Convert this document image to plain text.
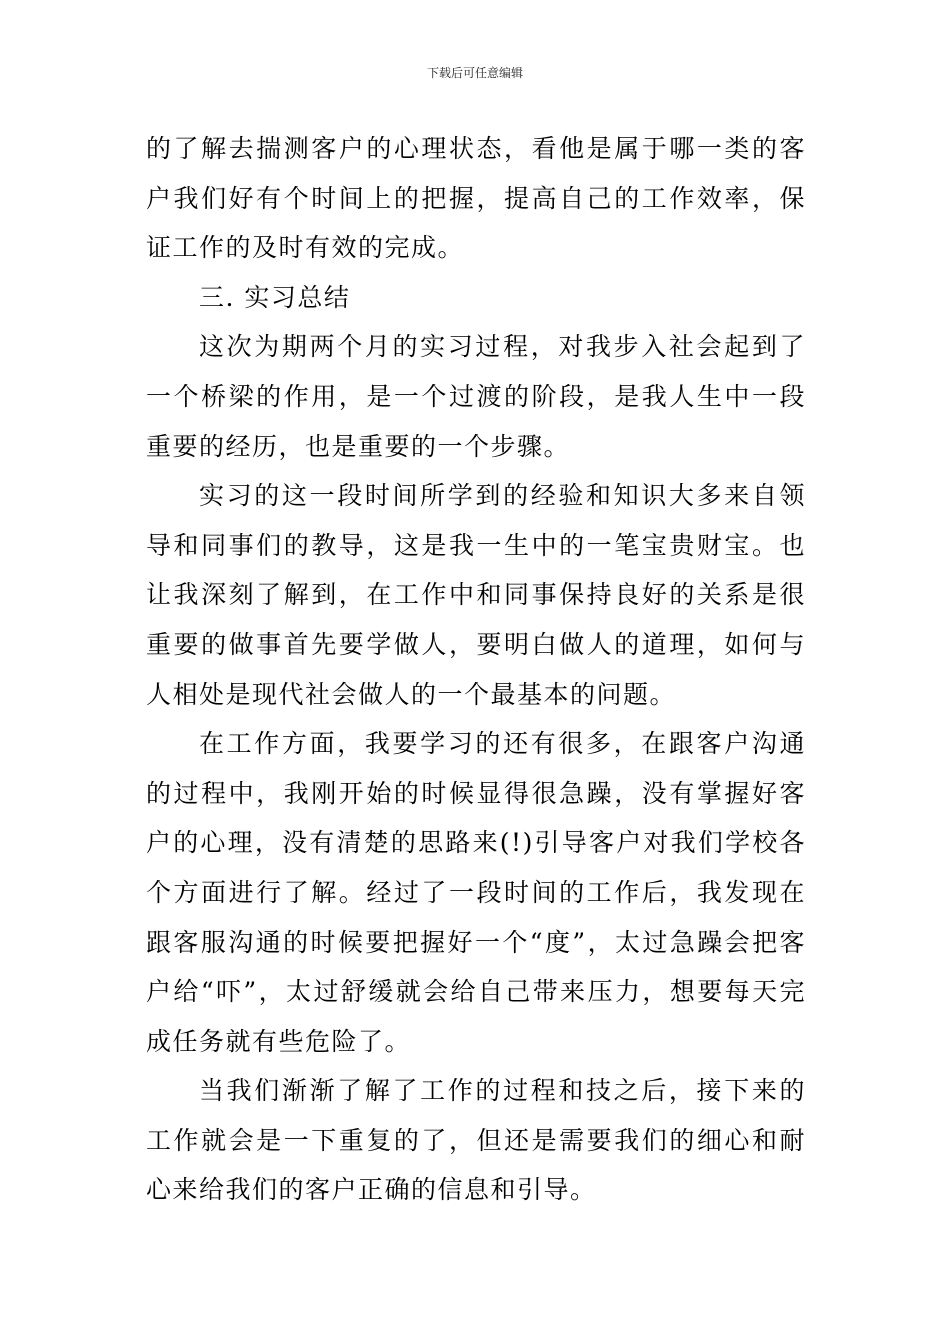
下载后可任意编辑

的了解去揣测客户的心理状态，看他是属于哪一类的客户我们好有个时间上的把握，提高自己的工作效率，保证工作的及时有效的完成。

三. 实习总结

这次为期两个月的实习过程，对我步入社会起到了一个桥梁的作用，是一个过渡的阶段，是我人生中一段重要的经历，也是重要的一个步骤。

实习的这一段时间所学到的经验和知识大多来自领导和同事们的教导，这是我一生中的一笔宝贵财宝。也让我深刻了解到，在工作中和同事保持良好的关系是很重要的做事首先要学做人，要明白做人的道理，如何与人相处是现代社会做人的一个最基本的问题。

在工作方面，我要学习的还有很多，在跟客户沟通的过程中，我刚开始的时候显得很急躁，没有掌握好客户的心理，没有清楚的思路来(!)引导客户对我们学校各个方面进行了解。经过了一段时间的工作后，我发现在跟客服沟通的时候要把握好一个“度”，太过急躁会把客户给“吓”，太过舒缓就会给自己带来压力，想要每天完成任务就有些危险了。

当我们渐渐了解了工作的过程和技之后，接下来的工作就会是一下重复的了，但还是需要我们的细心和耐心来给我们的客户正确的信息和引导。
